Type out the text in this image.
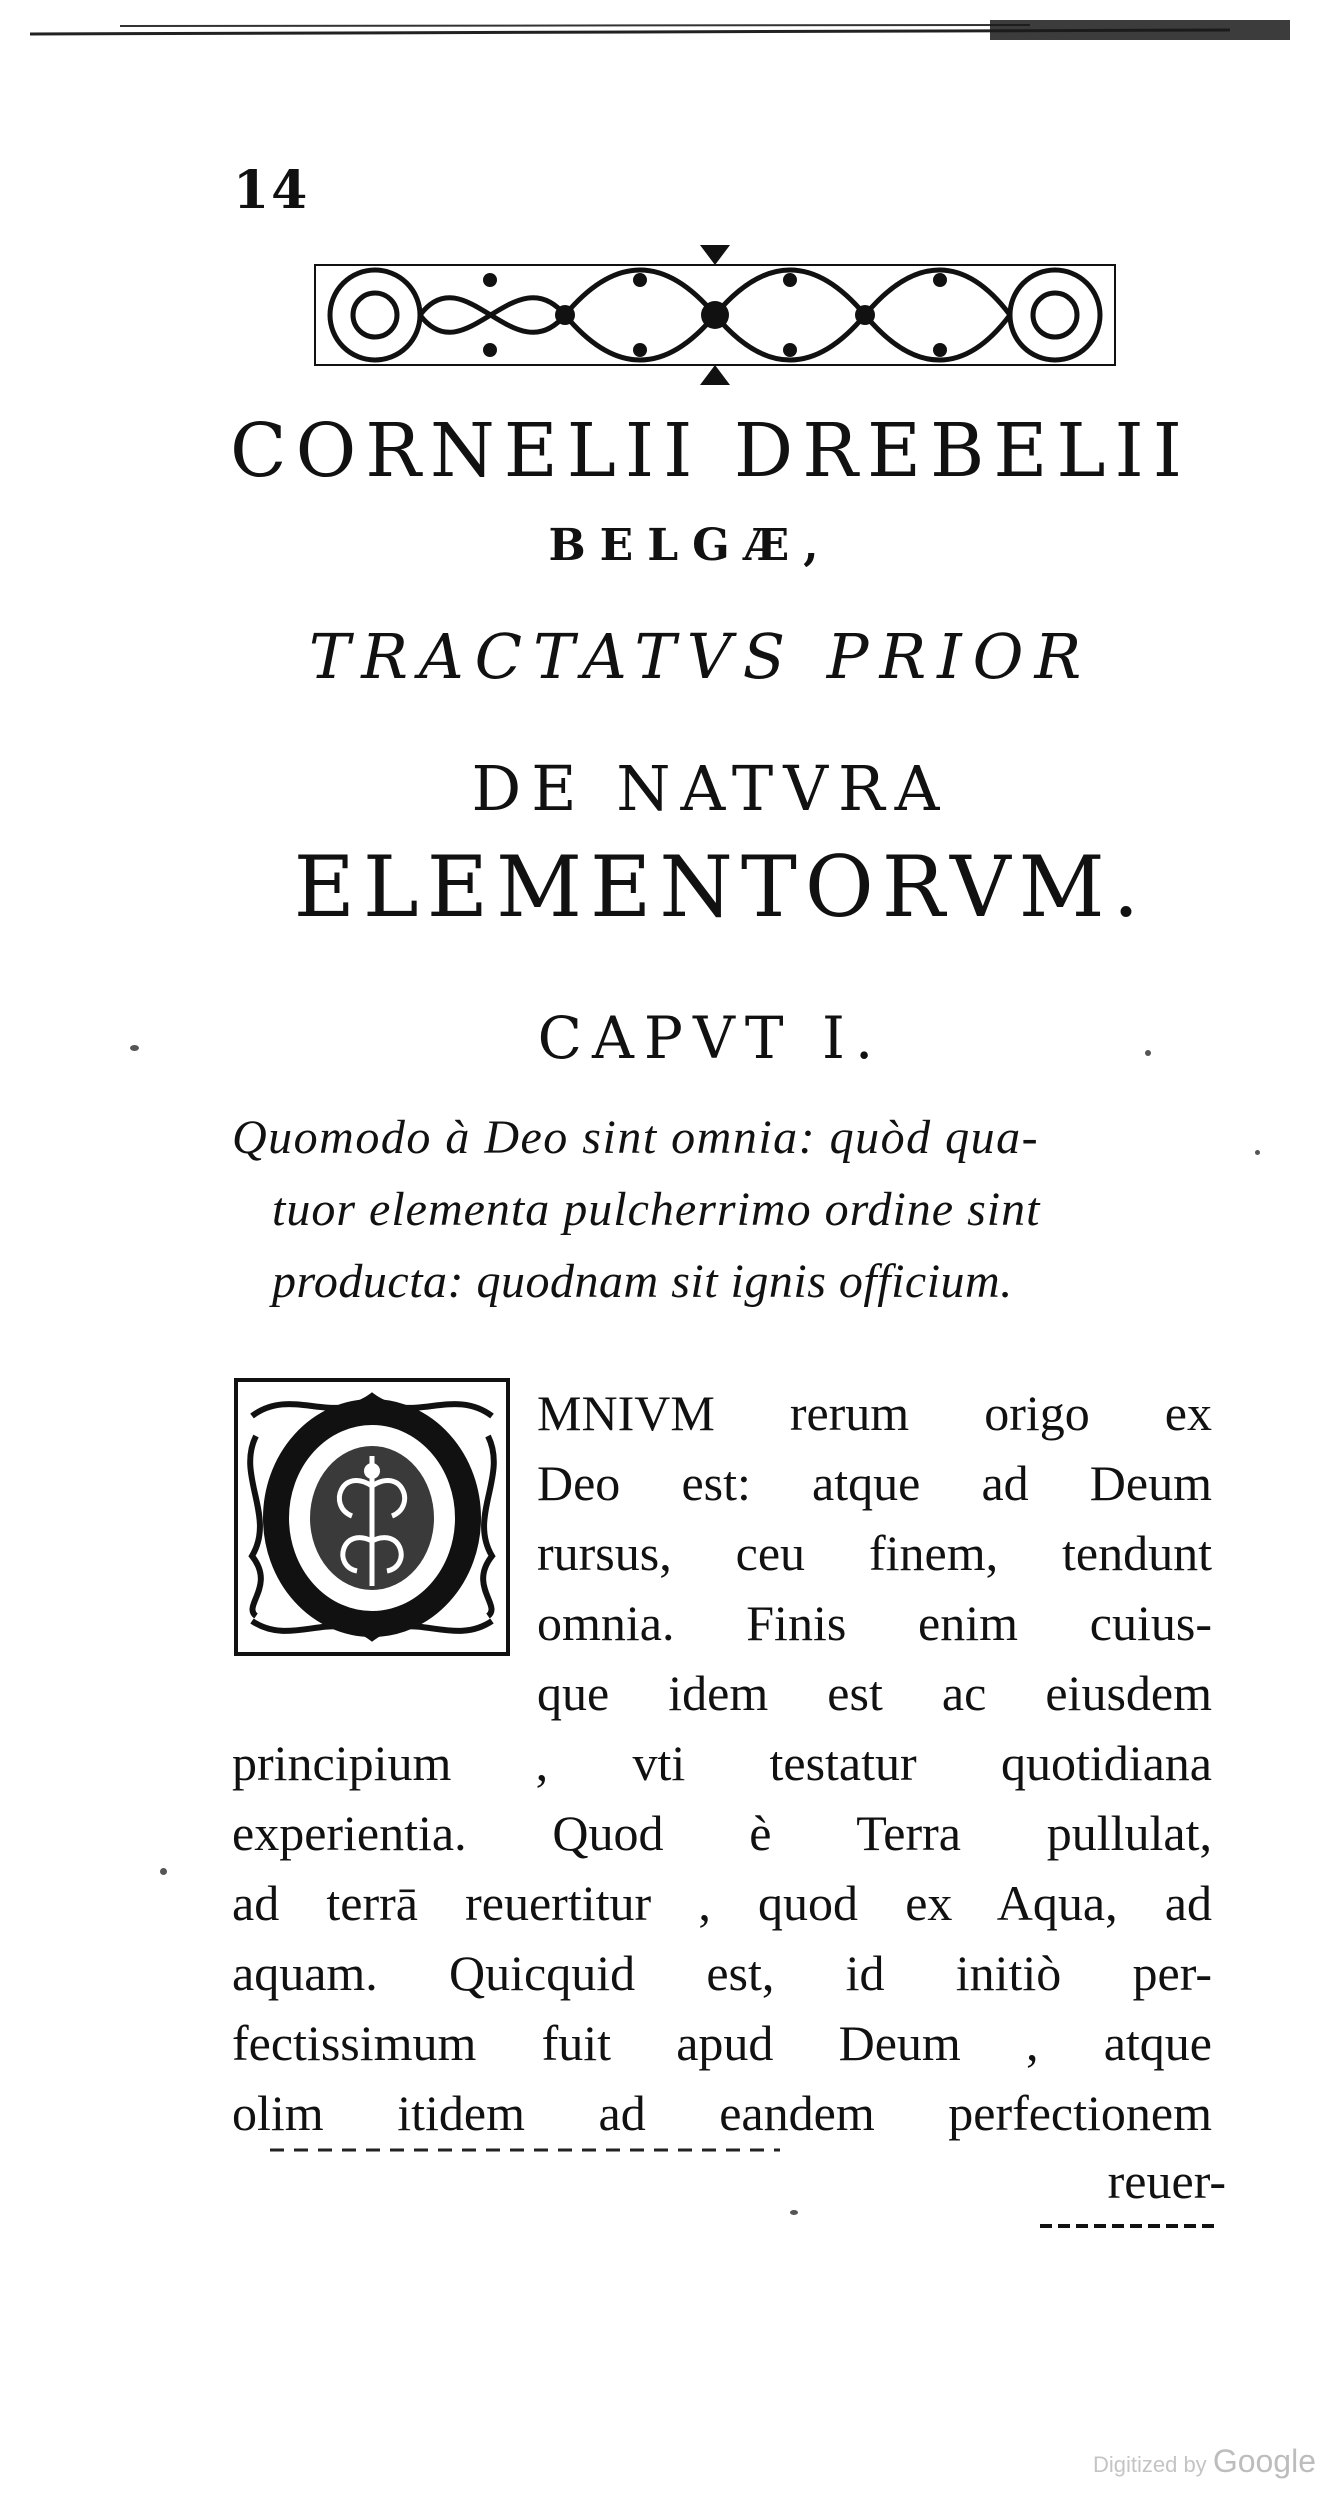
14
CORNELII DREBELII
BELGÆ,
TRACTATVS PRIOR
DE NATVRA
ELEMENTORVM.
CAPVT I.
Quomodo à Deo sint omnia: quòd qua-
tuor elementa pulcherrimo ordine sint
producta: quodnam sit ignis officium.
MNIVM rerum origo ex
Deo est: atque ad Deum
rursus, ceu finem, tendunt
omnia. Finis enim cuius-
que idem est ac eiusdem
principium , vti testatur quotidiana
experientia. Quod è Terra pullulat,
ad terrā reuertitur , quod ex Aqua, ad
aquam. Quicquid est, id initiò per-
fectissimum fuit apud Deum , atque
olim itidem ad eandem perfectionem
reuer-
Digitized by Google
